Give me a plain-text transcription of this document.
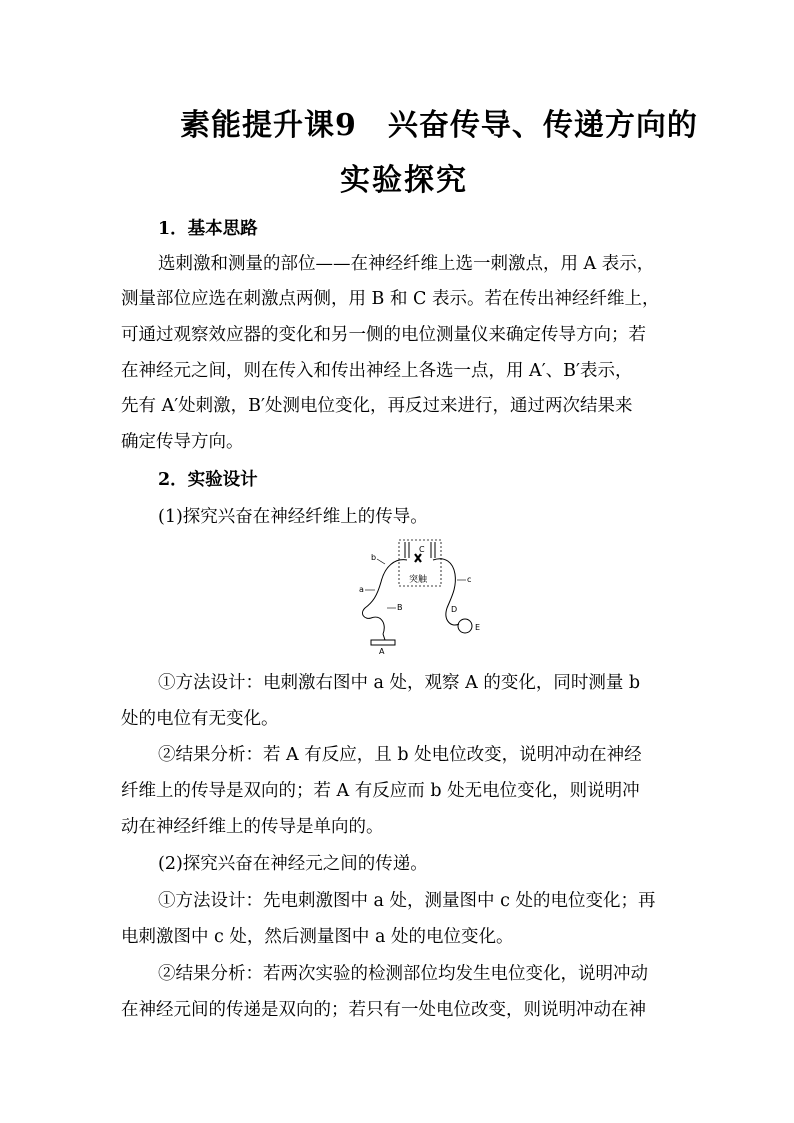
素能提升课9　兴奋传导、传递方向的
实验探究
1．基本思路
选刺激和测量的部位——在神经纤维上选一刺激点，用 A 表示，
测量部位应选在刺激点两侧，用 B 和 C 表示。若在传出神经纤维上，
可通过观察效应器的变化和另一侧的电位测量仪来确定传导方向；若
在神经元之间，则在传入和传出神经上各选一点，用 A′、B′表示，
先有 A′处刺激，B′处测电位变化，再反过来进行，通过两次结果来
确定传导方向。
2．实验设计
(1)探究兴奋在神经纤维上的传导。
b
C
突触	c
a
B	D
E
A
①方法设计：电刺激右图中 a 处，观察 A 的变化，同时测量 b
处的电位有无变化。
②结果分析：若 A 有反应，且 b 处电位改变，说明冲动在神经
纤维上的传导是双向的；若 A 有反应而 b 处无电位变化，则说明冲
动在神经纤维上的传导是单向的。
(2)探究兴奋在神经元之间的传递。
①方法设计：先电刺激图中 a 处，测量图中 c 处的电位变化；再
电刺激图中 c 处，然后测量图中 a 处的电位变化。
②结果分析：若两次实验的检测部位均发生电位变化，说明冲动
在神经元间的传递是双向的；若只有一处电位改变，则说明冲动在神
